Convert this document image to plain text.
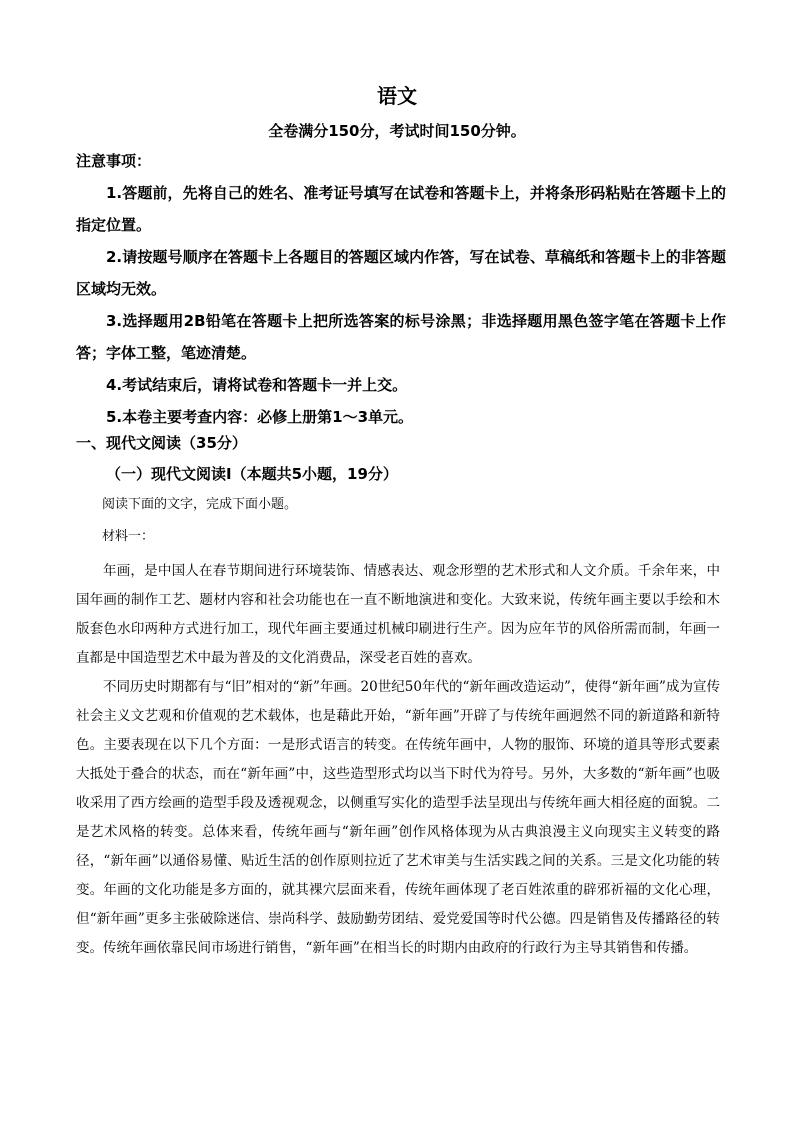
语文
全卷满分150分，考试时间150分钟。
注意事项：

1.答题前，先将自己的姓名、准考证号填写在试卷和答题卡上，并将条形码粘贴在答题卡上的指定位置。

2.请按题号顺序在答题卡上各题目的答题区域内作答，写在试卷、草稿纸和答题卡上的非答题区域均无效。

3.选择题用2B铅笔在答题卡上把所选答案的标号涂黑；非选择题用黑色签字笔在答题卡上作答；字体工整，笔迹清楚。

4.考试结束后，请将试卷和答题卡一并上交。

5.本卷主要考查内容：必修上册第1～3单元。

一、现代文阅读（35分）
（一）现代文阅读Ⅰ（本题共5小题，19分）

阅读下面的文字，完成下面小题。

材料一：

年画，是中国人在春节期间进行环境装饰、情感表达、观念形塑的艺术形式和人文介质。千余年来，中国年画的制作工艺、题材内容和社会功能也在一直不断地演进和变化。大致来说，传统年画主要以手绘和木版套色水印两种方式进行加工，现代年画主要通过机械印刷进行生产。因为应年节的风俗所需而制，年画一直都是中国造型艺术中最为普及的文化消费品，深受老百姓的喜欢。

不同历史时期都有与“旧”相对的“新”年画。20世纪50年代的“新年画改造运动”，使得“新年画”成为宣传社会主义文艺观和价值观的艺术载体，也是藉此开始，“新年画”开辟了与传统年画迥然不同的新道路和新特色。主要表现在以下几个方面：一是形式语言的转变。在传统年画中，人物的服饰、环境的道具等形式要素大抵处于叠合的状态，而在“新年画”中，这些造型形式均以当下时代为符号。另外，大多数的“新年画”也吸收采用了西方绘画的造型手段及透视观念，以侧重写实化的造型手法呈现出与传统年画大相径庭的面貌。二是艺术风格的转变。总体来看，传统年画与“新年画”创作风格体现为从古典浪漫主义向现实主义转变的路径，“新年画”以通俗易懂、贴近生活的创作原则拉近了艺术审美与生活实践之间的关系。三是文化功能的转变。年画的文化功能是多方面的，就其裸穴层面来看，传统年画体现了老百姓浓重的辟邪祈福的文化心理，但“新年画”更多主张破除迷信、崇尚科学、鼓励勤劳团结、爱党爱国等时代公德。四是销售及传播路径的转变。传统年画依靠民间市场进行销售，“新年画”在相当长的时期内由政府的行政行为主导其销售和传播。
